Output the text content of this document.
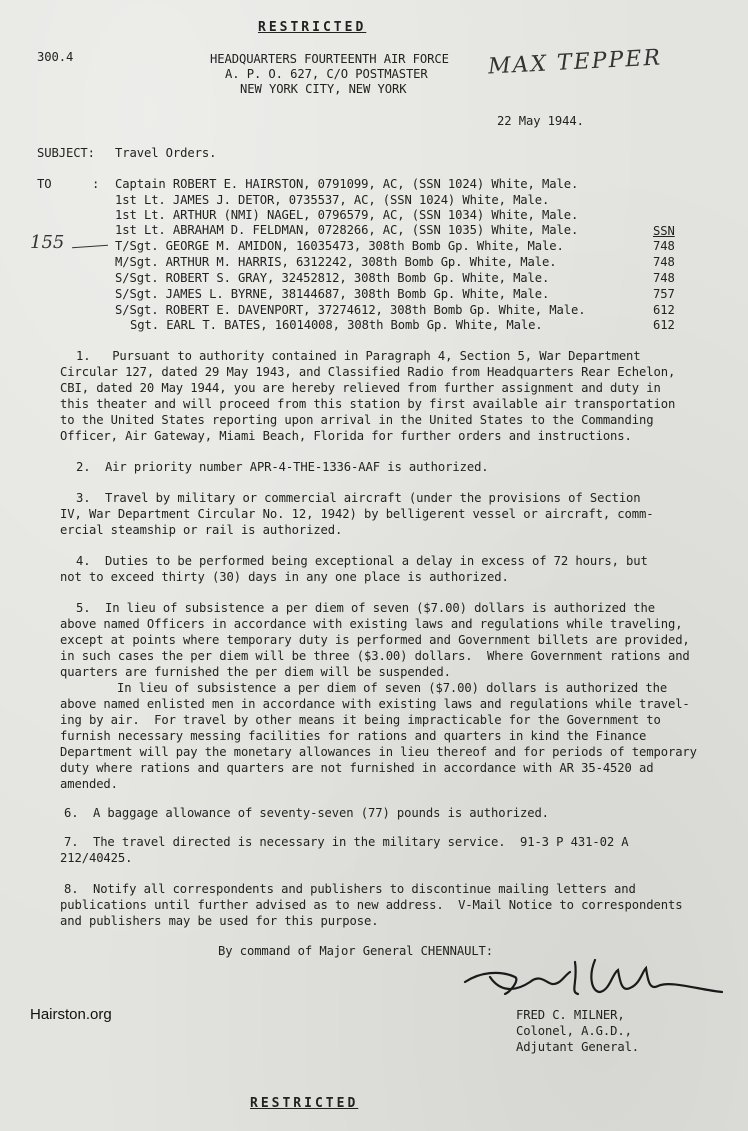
RESTRICTED
300.4	HEADQUARTERS FOURTEENTH AIR FORCE
A. P. O. 627, C/O POSTMASTER
NEW YORK CITY, NEW YORK
MAX TEPPER
22 May 1944.
SUBJECT: Travel Orders.
TO	: Captain ROBERT E. HAIRSTON, 0791099, AC, (SSN 1024) White, Male.
1st Lt. JAMES J. DETOR, 0735537, AC, (SSN 1024) White, Male.
1st Lt. ARTHUR (NMI) NAGEL, 0796579, AC, (SSN 1034) White, Male.
1st Lt. ABRAHAM D. FELDMAN, 0728266, AC, (SSN 1035) White, Male.	SSN
155	T/Sgt. GEORGE M. AMIDON, 16035473, 308th Bomb Gp. White, Male.	748
M/Sgt. ARTHUR M. HARRIS, 6312242, 308th Bomb Gp. White, Male.	748
S/Sgt. ROBERT S. GRAY, 32452812, 308th Bomb Gp. White, Male.	748
S/Sgt. JAMES L. BYRNE, 38144687, 308th Bomb Gp. White, Male.	757
S/Sgt. ROBERT E. DAVENPORT, 37274612, 308th Bomb Gp. White, Male.	612
Sgt. EARL T. BATES, 16014008, 308th Bomb Gp. White, Male.	612
1.   Pursuant to authority contained in Paragraph 4, Section 5, War Department
Circular 127, dated 29 May 1943, and Classified Radio from Headquarters Rear Echelon,
CBI, dated 20 May 1944, you are hereby relieved from further assignment and duty in
this theater and will proceed from this station by first available air transportation
to the United States reporting upon arrival in the United States to the Commanding
Officer, Air Gateway, Miami Beach, Florida for further orders and instructions.
2.  Air priority number APR-4-THE-1336-AAF is authorized.
3.  Travel by military or commercial aircraft (under the provisions of Section
IV, War Department Circular No. 12, 1942) by belligerent vessel or aircraft, comm-
ercial steamship or rail is authorized.
4.  Duties to be performed being exceptional a delay in excess of 72 hours, but
not to exceed thirty (30) days in any one place is authorized.
5.  In lieu of subsistence a per diem of seven ($7.00) dollars is authorized the
above named Officers in accordance with existing laws and regulations while traveling,
except at points where temporary duty is performed and Government billets are provided,
in such cases the per diem will be three ($3.00) dollars.  Where Government rations and
quarters are furnished the per diem will be suspended.
In lieu of subsistence a per diem of seven ($7.00) dollars is authorized the
above named enlisted men in accordance with existing laws and regulations while travel-
ing by air.  For travel by other means it being impracticable for the Government to
furnish necessary messing facilities for rations and quarters in kind the Finance
Department will pay the monetary allowances in lieu thereof and for periods of temporary
duty where rations and quarters are not furnished in accordance with AR 35-4520 ad
amended.
6.  A baggage allowance of seventy-seven (77) pounds is authorized.
7.  The travel directed is necessary in the military service.  91-3 P 431-02 A
212/40425.
8.  Notify all correspondents and publishers to discontinue mailing letters and
publications until further advised as to new address.  V-Mail Notice to correspondents
and publishers may be used for this purpose.
By command of Major General CHENNAULT:
Hairston.org	FRED C. MILNER,
Colonel, A.G.D.,
Adjutant General.
RESTRICTED
